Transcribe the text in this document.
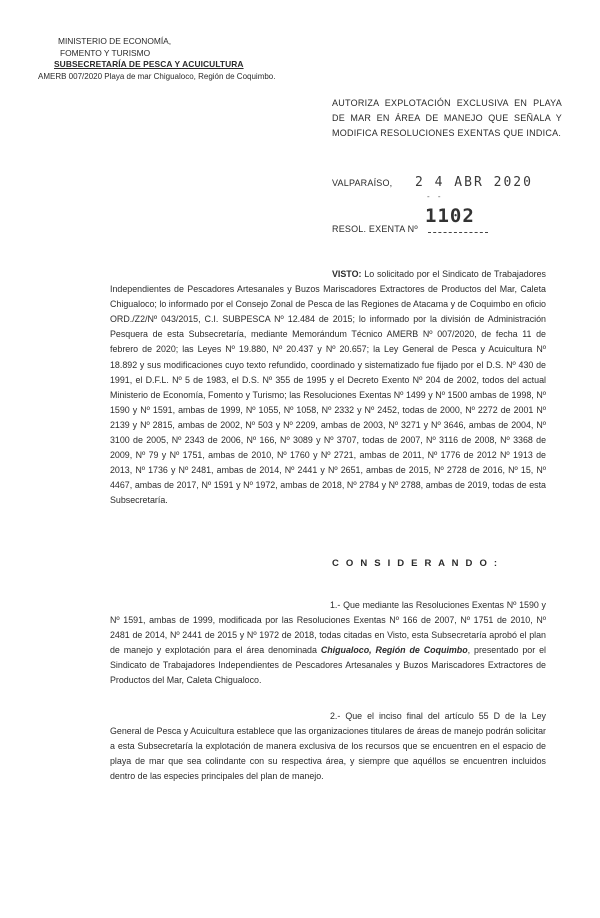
MINISTERIO DE ECONOMÍA,
FOMENTO Y TURISMO
SUBSECRETARÍA DE PESCA Y ACUICULTURA
AMERB 007/2020 Playa de mar Chigualoco, Región de Coquimbo.
AUTORIZA EXPLOTACIÓN EXCLUSIVA EN PLAYA DE MAR EN ÁREA DE MANEJO QUE SEÑALA Y MODIFICA RESOLUCIONES EXENTAS QUE INDICA.
VALPARAÍSO, 2 4 ABR 2020
- -
RESOL. EXENTA Nº
1102
VISTO: Lo solicitado por el Sindicato de Trabajadores Independientes de Pescadores Artesanales y Buzos Mariscadores Extractores de Productos del Mar, Caleta Chigualoco; lo informado por el Consejo Zonal de Pesca de las Regiones de Atacama y de Coquimbo en oficio ORD./Z2/Nº 043/2015, C.I. SUBPESCA Nº 12.484 de 2015; lo informado por la división de Administración Pesquera de esta Subsecretaría, mediante Memorándum Técnico AMERB Nº 007/2020, de fecha 11 de febrero de 2020; las Leyes Nº 19.880, Nº 20.437 y Nº 20.657; la Ley General de Pesca y Acuicultura Nº 18.892 y sus modificaciones cuyo texto refundido, coordinado y sistematizado fue fijado por el D.S. Nº 430 de 1991, el D.F.L. Nº 5 de 1983, el D.S. Nº 355 de 1995 y el Decreto Exento Nº 204 de 2002, todos del actual Ministerio de Economía, Fomento y Turismo; las Resoluciones Exentas Nº 1499 y Nº 1500 ambas de 1998, Nº 1590 y Nº 1591, ambas de 1999, Nº 1055, Nº 1058, Nº 2332 y Nº 2452, todas de 2000, Nº 2272 de 2001 Nº 2139 y Nº 2815, ambas de 2002, Nº 503 y Nº 2209, ambas de 2003, Nº 3271 y Nº 3646, ambas de 2004, Nº 3100 de 2005, Nº 2343 de 2006, Nº 166, Nº 3089 y Nº 3707, todas de 2007, Nº 3116 de 2008, Nº 3368 de 2009, Nº 79 y Nº 1751, ambas de 2010, Nº 1760 y Nº 2721, ambas de 2011, Nº 1776 de 2012 Nº 1913 de 2013, Nº 1736 y Nº 2481, ambas de 2014, Nº 2441 y Nº 2651, ambas de 2015, Nº 2728 de 2016, Nº 15, Nº 4467, ambas de 2017, Nº 1591 y Nº 1972, ambas de 2018, Nº 2784 y Nº 2788, ambas de 2019, todas de esta Subsecretaría.
C O N S I D E R A N D O :
1.- Que mediante las Resoluciones Exentas Nº 1590 y Nº 1591, ambas de 1999, modificada por las Resoluciones Exentas Nº 166 de 2007, Nº 1751 de 2010, Nº 2481 de 2014, Nº 2441 de 2015 y Nº 1972 de 2018, todas citadas en Visto, esta Subsecretaría aprobó el plan de manejo y explotación para el área denominada Chigualoco, Región de Coquimbo, presentado por el Sindicato de Trabajadores Independientes de Pescadores Artesanales y Buzos Mariscadores Extractores de Productos del Mar, Caleta Chigualoco.
2.- Que el inciso final del artículo 55 D de la Ley General de Pesca y Acuicultura establece que las organizaciones titulares de áreas de manejo podrán solicitar a esta Subsecretaría la explotación de manera exclusiva de los recursos que se encuentren en el espacio de playa de mar que sea colindante con su respectiva área, y siempre que aquéllos se encuentren incluidos dentro de las especies principales del plan de manejo.
